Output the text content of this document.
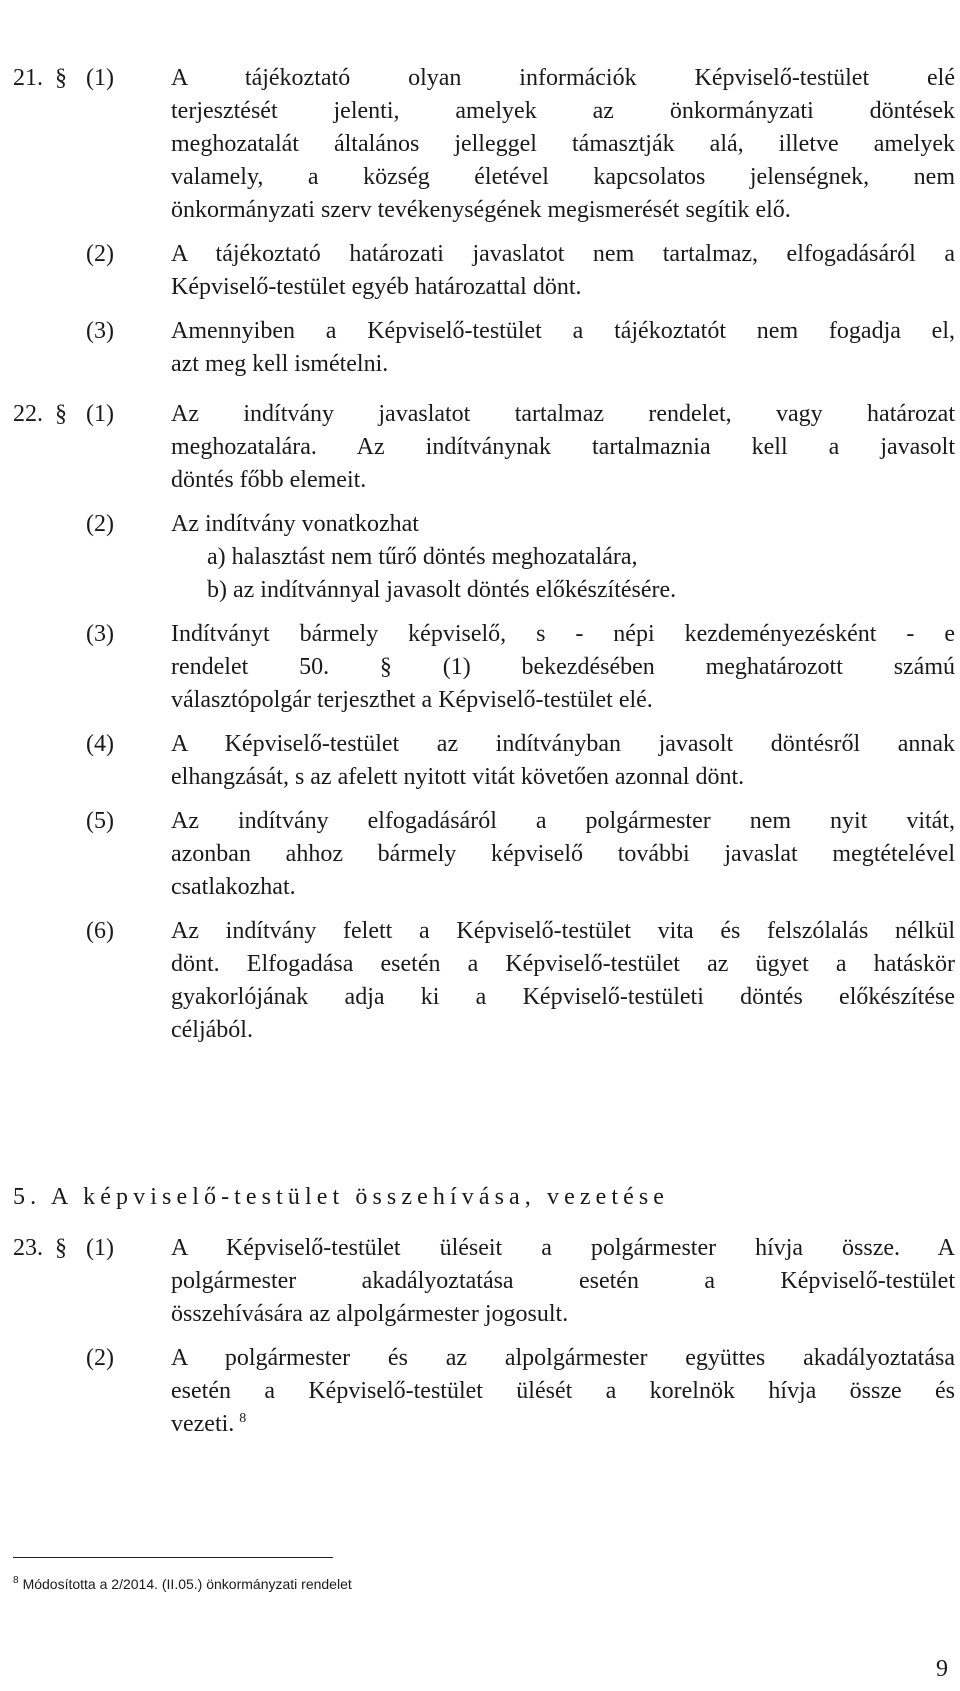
21. § (1) A tájékoztató olyan információk Képviselő-testület elé
terjesztését jelenti, amelyek az önkormányzati döntések
meghozatalát általános jelleggel támasztják alá, illetve amelyek
valamely, a község életével kapcsolatos jelenségnek, nem
önkormányzati szerv tevékenységének megismerését segítik elő.
(2) A tájékoztató határozati javaslatot nem tartalmaz, elfogadásáról a
Képviselő-testület egyéb határozattal dönt.
(3) Amennyiben a Képviselő-testület a tájékoztatót nem fogadja el,
azt meg kell ismételni.
22. § (1) Az indítvány javaslatot tartalmaz rendelet, vagy határozat
meghozatalára. Az indítványnak tartalmaznia kell a javasolt
döntés főbb elemeit.
(2) Az indítvány vonatkozhat
a) halasztást nem tűrő döntés meghozatalára,
b) az indítvánnyal javasolt döntés előkészítésére.
(3) Indítványt bármely képviselő, s - népi kezdeményezésként - e
rendelet 50. § (1) bekezdésében meghatározott számú
választópolgár terjeszthet a Képviselő-testület elé.
(4) A Képviselő-testület az indítványban javasolt döntésről annak
elhangzását, s az afelett nyitott vitát követően azonnal dönt.
(5) Az indítvány elfogadásáról a polgármester nem nyit vitát,
azonban ahhoz bármely képviselő további javaslat megtételével
csatlakozhat.
(6) Az indítvány felett a Képviselő-testület vita és felszólalás nélkül
dönt. Elfogadása esetén a Képviselő-testület az ügyet a hatáskör
gyakorlójának adja ki a Képviselő-testületi döntés előkészítése
céljából.
5. A képviselő-testület összehívása, vezetése
23. § (1) A Képviselő-testület üléseit a polgármester hívja össze. A
polgármester akadályoztatása esetén a Képviselő-testület
összehívására az alpolgármester jogosult.
(2) A polgármester és az alpolgármester együttes akadályoztatása
esetén a Képviselő-testület ülését a korelnök hívja össze és
vezeti. $^8$
$^8$ Módosította a 2/2014. (II.05.) önkormányzati rendelet
9
